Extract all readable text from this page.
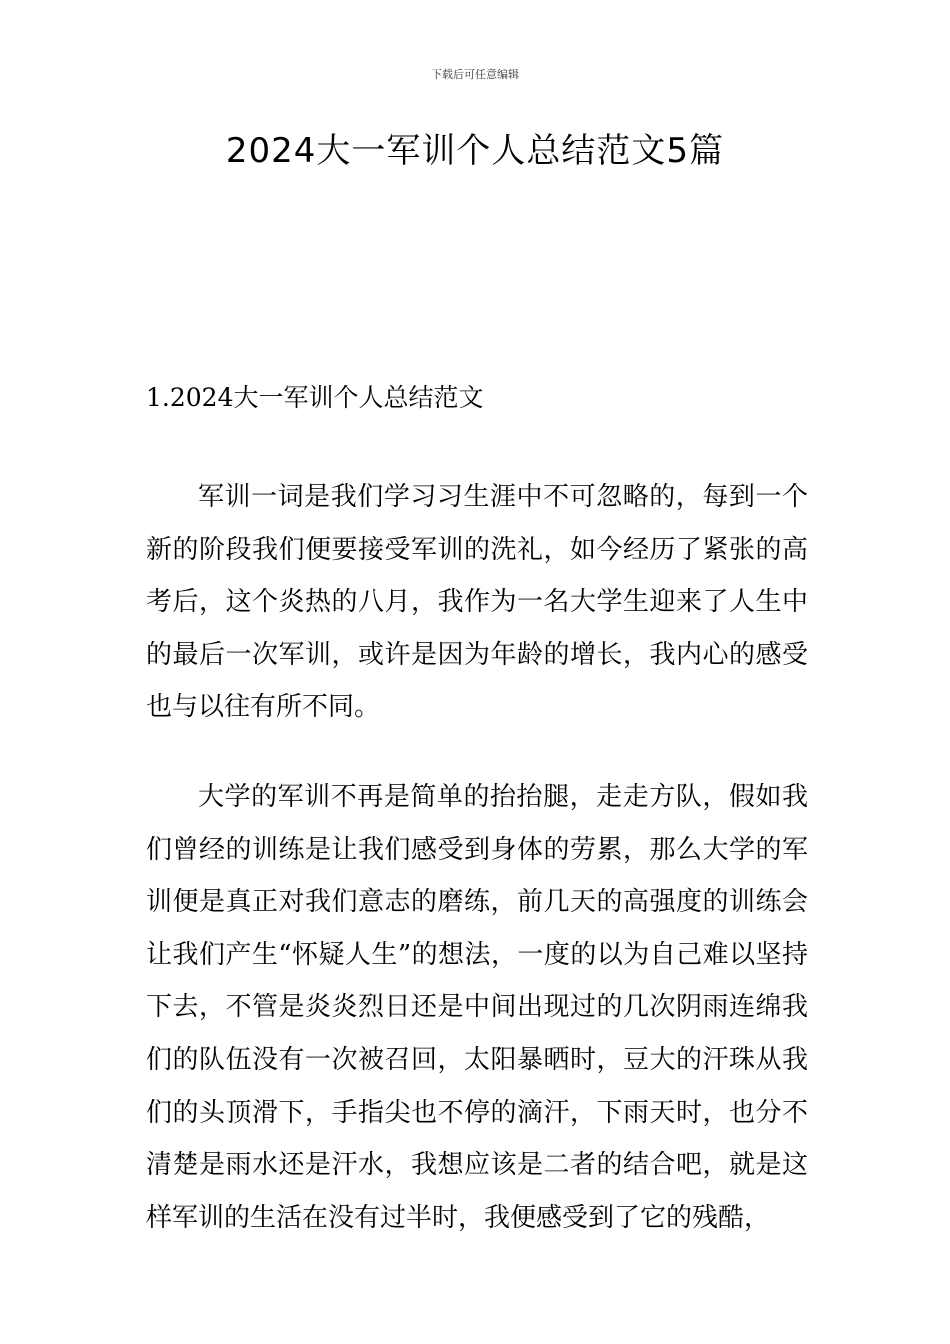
下载后可任意编辑
2024大一军训个人总结范文5篇
1.2024大一军训个人总结范文

军训一词是我们学习习生涯中不可忽略的，每到一个新的阶段我们便要接受军训的洗礼，如今经历了紧张的高考后，这个炎热的八月，我作为一名大学生迎来了人生中的最后一次军训，或许是因为年龄的增长，我内心的感受也与以往有所不同。

大学的军训不再是简单的抬抬腿，走走方队，假如我们曾经的训练是让我们感受到身体的劳累，那么大学的军训便是真正对我们意志的磨练，前几天的高强度的训练会让我们产生“怀疑人生”的想法，一度的以为自己难以坚持下去，不管是炎炎烈日还是中间出现过的几次阴雨连绵我们的队伍没有一次被召回，太阳暴晒时，豆大的汗珠从我们的头顶滑下，手指尖也不停的滴汗，下雨天时，也分不清楚是雨水还是汗水，我想应该是二者的结合吧，就是这样军训的生活在没有过半时，我便感受到了它的残酷，
